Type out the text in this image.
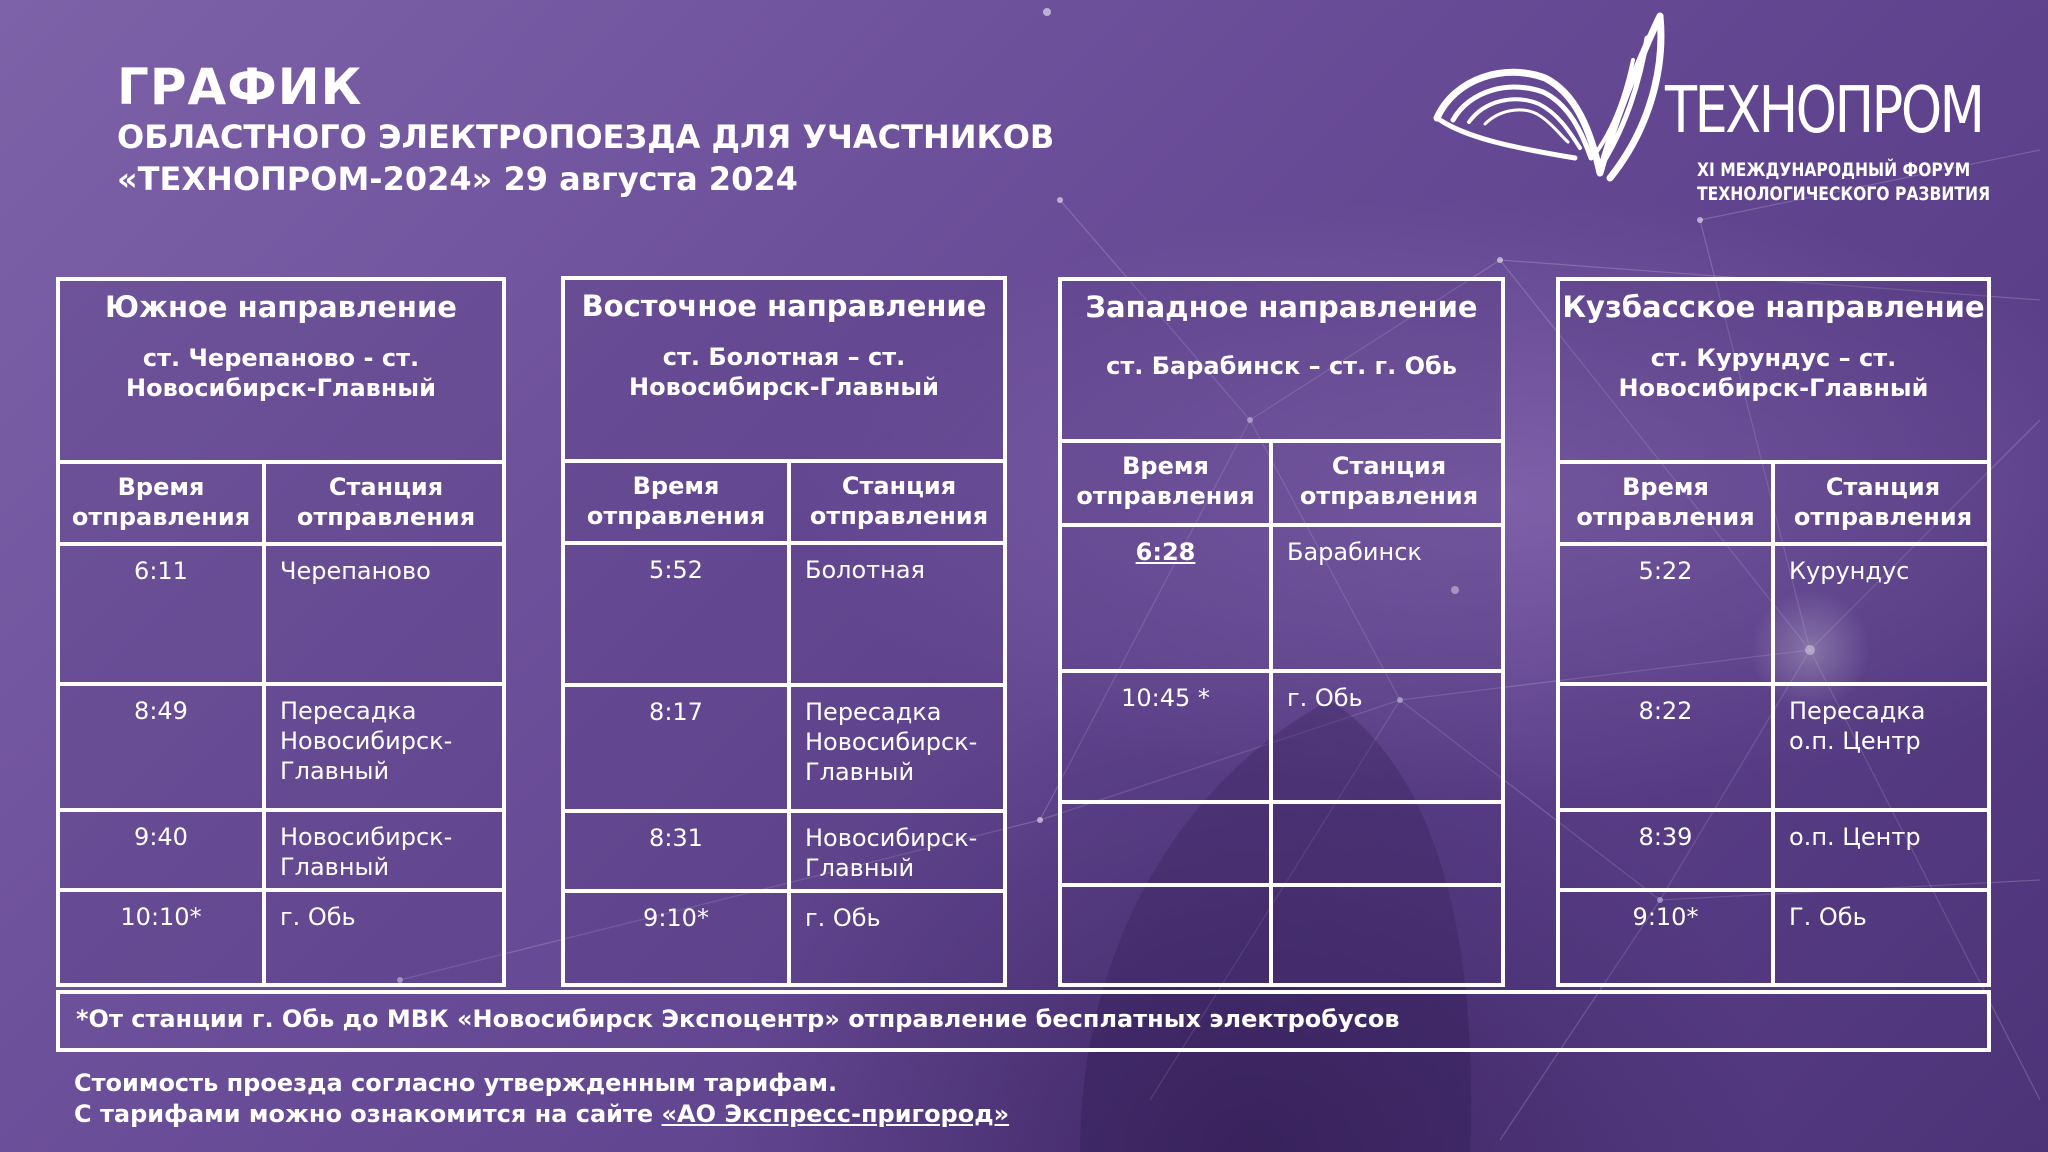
ГРАФИК
ОБЛАСТНОГО ЭЛЕКТРОПОЕЗДА ДЛЯ УЧАСТНИКОВ
«ТЕХНОПРОМ-2024» 29 августа 2024
ТЕХНОПРОМ
XI МЕЖДУНАРОДНЫЙ ФОРУМ
ТЕХНОЛОГИЧЕСКОГО РАЗВИТИЯ
Южное направление
ст. Черепаново - ст. Новосибирск-Главный
Время отправления
Станция отправления
6:11	Черепаново
8:49	Пересадка Новосибирск-Главный
9:40	Новосибирск-Главный
10:10*	г. Обь
Восточное направление
ст. Болотная – ст. Новосибирск-Главный
Время отправления
Станция отправления
5:52	Болотная
8:17	Пересадка Новосибирск-Главный
8:31	Новосибирск-Главный
9:10*	г. Обь
Западное направление
ст. Барабинск – ст. г. Обь
Время отправления
Станция отправления
6:28	Барабинск
10:45 *	г. Обь
Кузбасское направление
ст. Курундус – ст. Новосибирск-Главный
Время отправления
Станция отправления
5:22	Курундус
8:22	Пересадка   о.п. Центр
8:39	о.п. Центр
9:10*	Г. Обь
*От станции г. Обь до МВК «Новосибирск Экспоцентр» отправление бесплатных электробусов
Стоимость проезда согласно утвержденным тарифам.
С тарифами можно ознакомится на сайте «АО Экспресс-пригород»
